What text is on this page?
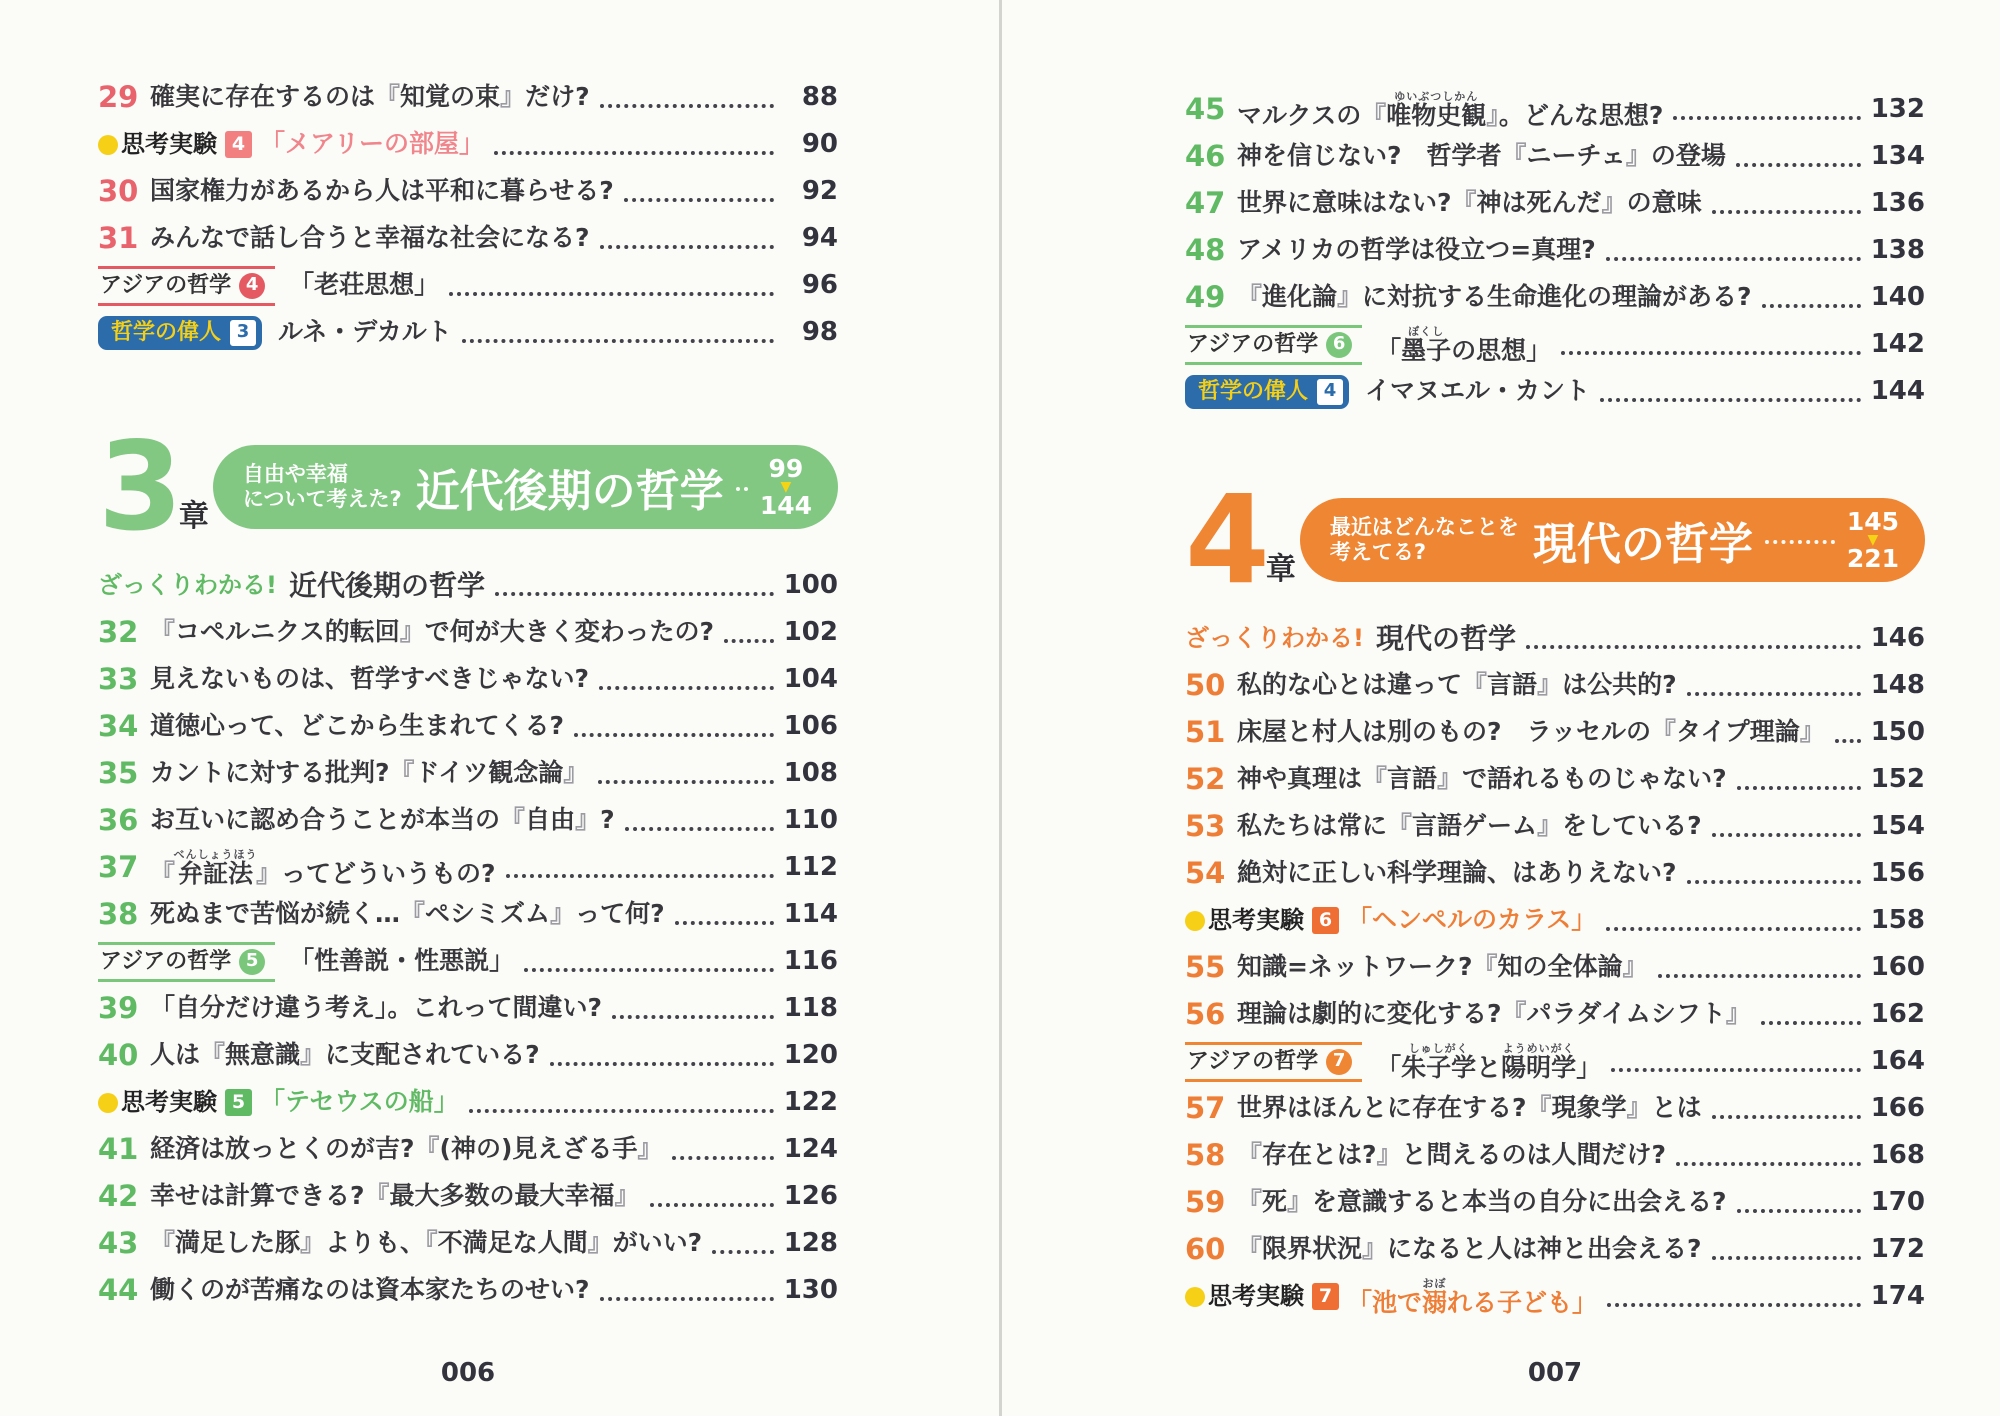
29 確実に存在するのは『知覚の束』だけ?	88
思考実験 4 「メアリーの部屋」	90
30 国家権力があるから人は平和に暮らせる?	92
31 みんなで話し合うと幸福な社会になる?	94
アジアの哲学 4 「老荘思想」	96
哲学の偉人 3 ルネ・デカルト	98
3 章
自由や幸福
について考えた? 近代後期の哲学 99
▼
144
ざっくりわかる! 近代後期の哲学	100
32 『コペルニクス的転回』で何が大きく変わったの?	102
33 見えないものは、哲学すべきじゃない?	104
34 道徳心って、どこから生まれてくる?	106
35 カントに対する批判?『ドイツ観念論』	108
36 お互いに認め合うことが本当の『自由』?	110
37 『弁証法べんしょうほう』ってどういうもの?	112
38 死ぬまで苦悩が続く…『ペシミズム』って何?	114
アジアの哲学 5 「性善説・性悪説」	116
39 「自分だけ違う考え」。これって間違い?	118
40 人は『無意識』に支配されている?	120
思考実験 5 「テセウスの船」	122
41 経済は放っとくのが吉?『(神の)見えざる手』	124
42 幸せは計算できる?『最大多数の最大幸福』	126
43 『満足した豚』よりも、『不満足な人間』がいい?	128
44 働くのが苦痛なのは資本家たちのせい?	130
006
45 マルクスの『唯物史観ゆいぶつしかん』。どんな思想?	132
46 神を信じない?　哲学者『ニーチェ』の登場	134
47 世界に意味はない?『神は死んだ』の意味	136
48 アメリカの哲学は役立つ=真理?	138
49 『進化論』に対抗する生命進化の理論がある?	140
アジアの哲学 6 「墨子ぼくしの思想」	142
哲学の偉人 4 イマヌエル・カント	144
4 章
最近はどんなことを
考えてる?	現代の哲学	145
▼
221
ざっくりわかる! 現代の哲学	146
50 私的な心とは違って『言語』は公共的?	148
51 床屋と村人は別のもの?　ラッセルの『タイプ理論』 150
52 神や真理は『言語』で語れるものじゃない?	152
53 私たちは常に『言語ゲーム』をしている?	154
54 絶対に正しい科学理論、はありえない?	156
思考実験 6 「ヘンペルのカラス」	158
55 知識=ネットワーク?『知の全体論』	160
56 理論は劇的に変化する?『パラダイムシフト』	162
アジアの哲学 7 「朱子学しゅしがくと陽明学ようめいがく」	164
57 世界はほんとに存在する?『現象学』とは	166
58 『存在とは?』と問えるのは人間だけ?	168
59 『死』を意識すると本当の自分に出会える?	170
60 『限界状況』になると人は神と出会える?	172
思考実験 7 「池で溺おぼれる子ども」	174
007
